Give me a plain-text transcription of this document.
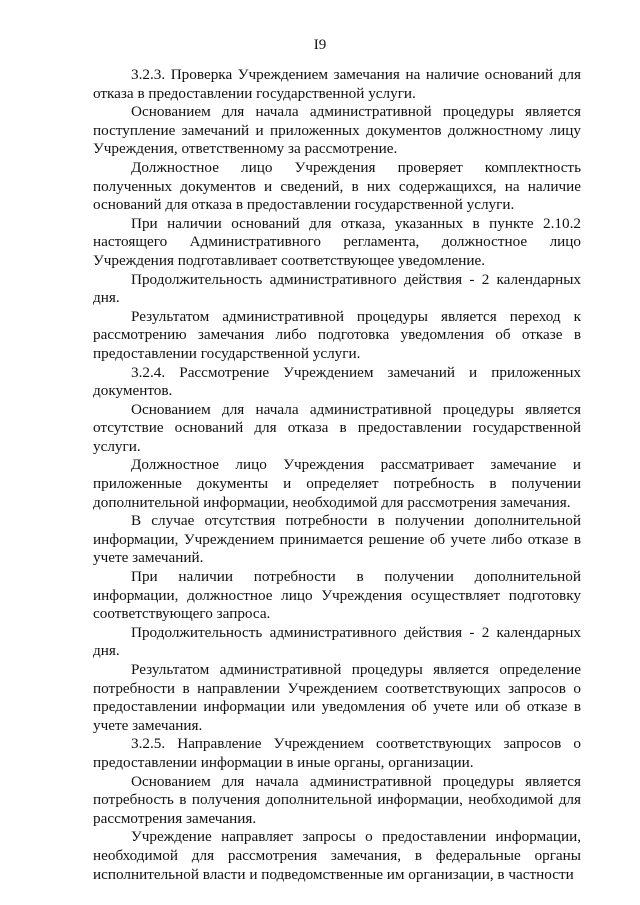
I9

3.2.3. Проверка Учреждением замечания на наличие оснований для отказа в предоставлении государственной услуги.

Основанием для начала административной процедуры является поступление замечаний и приложенных документов должностному лицу Учреждения, ответственному за рассмотрение.

Должностное лицо Учреждения проверяет комплектность полученных документов и сведений, в них содержащихся, на наличие оснований для отказа в предоставлении государственной услуги.

При наличии оснований для отказа, указанных в пункте 2.10.2 настоящего Административного регламента, должностное лицо Учреждения подготавливает соответствующее уведомление.

Продолжительность административного действия - 2 календарных дня.

Результатом административной процедуры является переход к рассмотрению замечания либо подготовка уведомления об отказе в предоставлении государственной услуги.

3.2.4. Рассмотрение Учреждением замечаний и приложенных документов.

Основанием для начала административной процедуры является отсутствие оснований для отказа в предоставлении государственной услуги.

Должностное лицо Учреждения рассматривает замечание и приложенные документы и определяет потребность в получении дополнительной информации, необходимой для рассмотрения замечания.

В случае отсутствия потребности в получении дополнительной информации, Учреждением принимается решение об учете либо отказе в учете замечаний.

При наличии потребности в получении дополнительной информации, должностное лицо Учреждения осуществляет подготовку соответствующего запроса.

Продолжительность административного действия - 2 календарных дня.

Результатом административной процедуры является определение потребности в направлении Учреждением соответствующих запросов о предоставлении информации или уведомления об учете или об отказе в учете замечания.

3.2.5. Направление Учреждением соответствующих запросов о предоставлении информации в иные органы, организации.

Основанием для начала административной процедуры является потребность в получения дополнительной информации, необходимой для рассмотрения замечания.

Учреждение направляет запросы о предоставлении информации, необходимой для рассмотрения замечания, в федеральные органы исполнительной власти и подведомственные им организации, в частности
